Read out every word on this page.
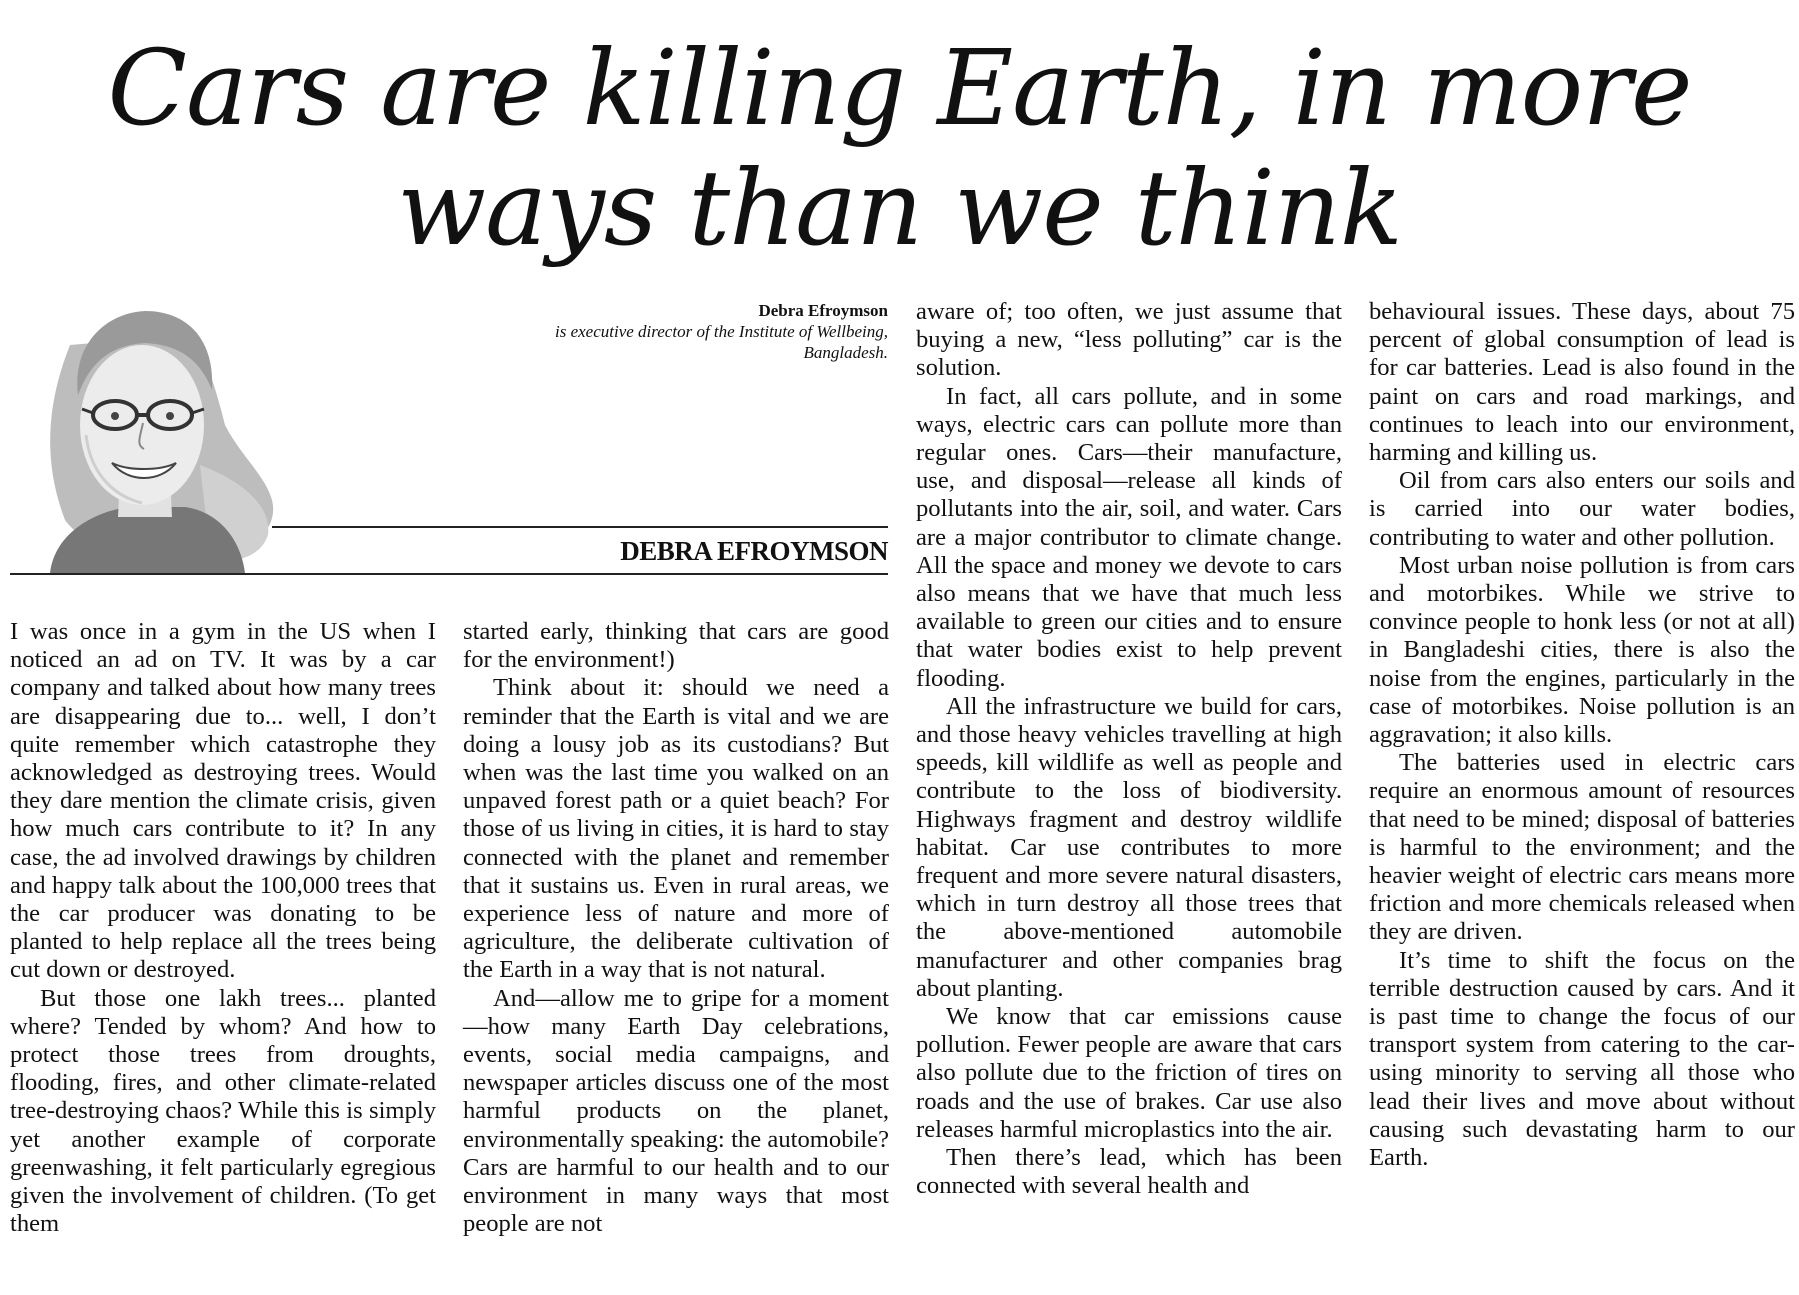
Cars are killing Earth, in more
ways than we think
Debra Efroymson
is executive director of the Institute of Wellbeing, Bangladesh.
DEBRA EFROYMSON

I was once in a gym in the US when I noticed an ad on TV. It was by a car company and talked about how many trees are disappearing due to... well, I don’t quite remember which catastrophe they acknowledged as destroying trees. Would they dare mention the climate crisis, given how much cars contribute to it? In any case, the ad involved drawings by children and happy talk about the 100,000 trees that the car producer was donating to be planted to help replace all the trees being cut down or destroyed.

But those one lakh trees... planted where? Tended by whom? And how to protect those trees from droughts, flooding, fires, and other climate-related tree-destroying chaos? While this is simply yet another example of corporate greenwashing, it felt particularly egregious given the involvement of children. (To get them

started early, thinking that cars are good for the environment!)

Think about it: should we need a reminder that the Earth is vital and we are doing a lousy job as its custodians? But when was the last time you walked on an unpaved forest path or a quiet beach? For those of us living in cities, it is hard to stay connected with the planet and remember that it sustains us. Even in rural areas, we experience less of nature and more of agriculture, the deliberate cultivation of the Earth in a way that is not natural.

And—allow me to gripe for a moment—how many Earth Day celebrations, events, social media campaigns, and newspaper articles discuss one of the most harmful products on the planet, environmentally speaking: the automobile? Cars are harmful to our health and to our environment in many ways that most people are not

aware of; too often, we just assume that buying a new, “less polluting” car is the solution.

In fact, all cars pollute, and in some ways, electric cars can pollute more than regular ones. Cars—their manufacture, use, and disposal—release all kinds of pollutants into the air, soil, and water. Cars are a major contributor to climate change. All the space and money we devote to cars also means that we have that much less available to green our cities and to ensure that water bodies exist to help prevent flooding.

All the infrastructure we build for cars, and those heavy vehicles travelling at high speeds, kill wildlife as well as people and contribute to the loss of biodiversity. Highways fragment and destroy wildlife habitat. Car use contributes to more frequent and more severe natural disasters, which in turn destroy all those trees that the above-mentioned automobile manufacturer and other companies brag about planting.

We know that car emissions cause pollution. Fewer people are aware that cars also pollute due to the friction of tires on roads and the use of brakes. Car use also releases harmful microplastics into the air.

Then there’s lead, which has been connected with several health and

behavioural issues. These days, about 75 percent of global consumption of lead is for car batteries. Lead is also found in the paint on cars and road markings, and continues to leach into our environment, harming and killing us.

Oil from cars also enters our soils and is carried into our water bodies, contributing to water and other pollution.

Most urban noise pollution is from cars and motorbikes. While we strive to convince people to honk less (or not at all) in Bangladeshi cities, there is also the noise from the engines, particularly in the case of motorbikes. Noise pollution is an aggravation; it also kills.

The batteries used in electric cars require an enormous amount of resources that need to be mined; disposal of batteries is harmful to the environment; and the heavier weight of electric cars means more friction and more chemicals released when they are driven.

It’s time to shift the focus on the terrible destruction caused by cars. And it is past time to change the focus of our transport system from catering to the car-using minority to serving all those who lead their lives and move about without causing such devastating harm to our Earth.
